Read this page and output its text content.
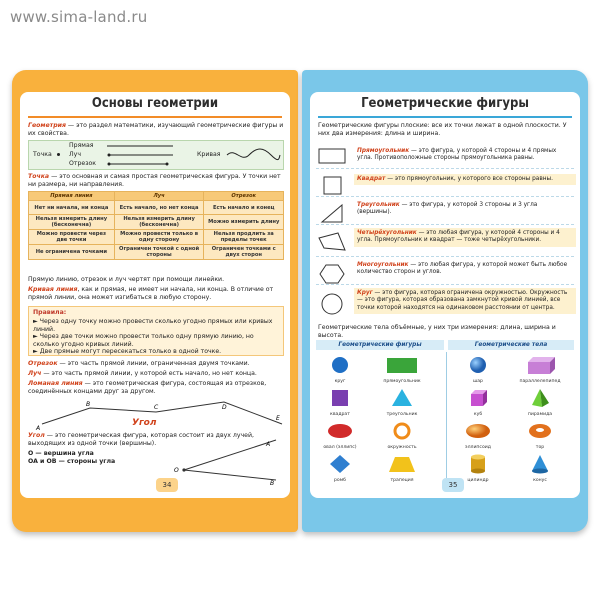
www.sima-land.ru
Основы геометрии
Геометрия — это раздел математики, изучающий геометрические фигуры и их свойства.
Точка
Прямая
Луч
Отрезок
Кривая
Точка — это основная и самая простая геометрическая фигура. У точки нет ни размера, ни направления.
Прямая линия	Луч	Отрезок
Нет ни начала, ни конца	Есть начало, но нет конца	Есть начало и конец
Нельзя измерить длину (бесконечна)	Нельзя измерить длину (бесконечна)	Можно измерить длину
Можно провести через две точки	Можно провести только в одну сторону	Нельзя продлить за пределы точек
Не ограничена точками	Ограничен точкой с одной стороны	Ограничен точками с двух сторон
Прямую линию, отрезок и луч чертят при помощи линейки.
Кривая линия, как и прямая, не имеет ни начала, ни конца. В отличие от прямой линии, она может изгибаться в любую сторону.
Правила:
► Через одну точку можно провести сколько угодно прямых или кривых линий.
► Через две точки можно провести только одну прямую линию, но сколько угодно кривых линий.
► Две прямые могут пересекаться только в одной точке.
Отрезок — это часть прямой линии, ограниченная двумя точками.
Луч — это часть прямой линии, у которой есть начало, но нет конца.
Ломаная линия — это геометрическая фигура, состоящая из отрезков, соединённых концами друг за другом.
A
B	C	D
E
Угол
Угол — это геометрическая фигура, которая состоит из двух лучей, выходящих из одной точки (вершины).
O — вершина угла
OA и OB — стороны угла
A
O
B
34
Геометрические фигуры
Геометрические фигуры плоские: все их точки лежат в одной плоскости. У них два измерения: длина и ширина.
Прямоугольник — это фигура, у которой 4 стороны и 4 прямых угла. Противоположные стороны прямоугольника равны.
Квадрат — это прямоугольник, у которого все стороны равны.
Треугольник — это фигура, у которой 3 стороны и 3 угла (вершины).
Четырёхугольник — это любая фигура, у которой 4 стороны и 4 угла. Прямоугольник и квадрат — тоже четырёхугольники.
Многоугольник — это любая фигура, у которой может быть любое количество сторон и углов.
Круг — это фигура, которая ограничена окружностью. Окружность — это фигура, которая образована замкнутой кривой линией, все точки которой находятся на одинаковом расстоянии от центра.
Геометрические тела объёмные, у них три измерения: длина, ширина и высота.
Геометрические фигуры	Геометрические тела
круг	прямоугольник
квадрат	треугольник
овал (эллипс)	окружность
ромб	трапеция
шар	параллелепипед
куб	пирамида
эллипсоид	тор
цилиндр	конус
35
